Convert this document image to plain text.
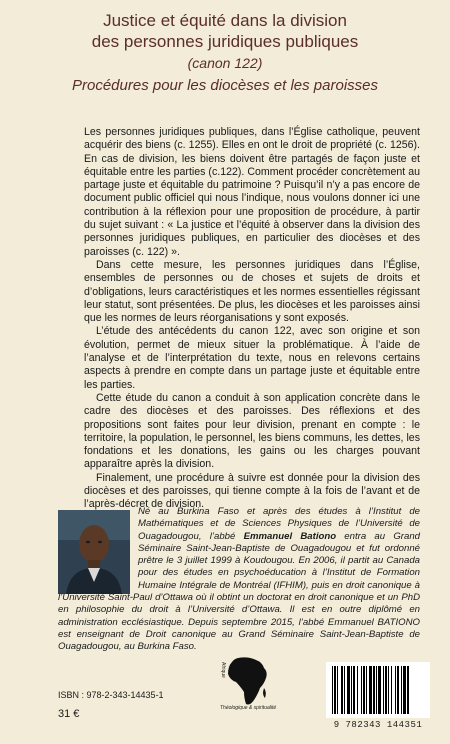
Justice et équité dans la division
des personnes juridiques publiques
(canon 122)
Procédures pour les diocèses et les paroisses

Les personnes juridiques publiques, dans l’Église catholique, peuvent acquérir des biens (c. 1255). Elles en ont le droit de propriété (c. 1256). En cas de division, les biens doivent être partagés de façon juste et équitable entre les parties (c.122). Comment procéder concrètement au partage juste et équitable du patrimoine ? Puisqu’il n’y a pas encore de document public officiel qui nous l’indique, nous voulons donner ici une contribution à la réflexion pour une proposition de procédure, à partir du sujet suivant : « La justice et l’équité à observer dans la division des personnes juridiques publiques, en particulier des diocèses et des paroisses (c. 122) ».

Dans cette mesure, les personnes juridiques dans l’Église, ensembles de personnes ou de choses et sujets de droits et d’obligations, leurs caractéristiques et les normes essentielles régissant leur statut, sont présentées. De plus, les diocèses et les paroisses ainsi que les normes de leurs réorganisations y sont exposés.

L’étude des antécédents du canon 122, avec son origine et son évolution, permet de mieux situer la problématique. À l’aide de l’analyse et de l’interprétation du texte, nous en relevons certains aspects à prendre en compte dans un partage juste et équitable entre les parties.

Cette étude du canon a conduit à son application concrète dans le cadre des diocèses et des paroisses. Des réflexions et des propositions sont faites pour leur division, prenant en compte : le territoire, la population, le personnel, les biens communs, les dettes, les fondations et les donations, les gains ou les charges pouvant apparaître après la division.

Finalement, une procédure à suivre est donnée pour la division des diocèses et des paroisses, qui tienne compte à la fois de l’avant et de l’après-décret de division.

Né au Burkina Faso et après des études à l’Institut de Mathématiques et de Sciences Physiques de l’Université de Ouagadougou, l’abbé Emmanuel Bationo entra au Grand Séminaire Saint-Jean-Baptiste de Ouagadougou et fut ordonné prêtre le 3 juillet 1999 à Koudougou. En 2006, il partit au Canada pour des études en psychoéducation à l’Institut de Formation Humaine Intégrale de Montréal (IFHIM), puis en droit canonique à l’Université Saint-Paul d’Ottawa où il obtint un doctorat en droit canonique et un PhD en philosophie du droit à l’Université d’Ottawa. Il est en outre diplômé en administration ecclésiastique. Depuis septembre 2015, l’abbé Emmanuel BATIONO est enseignant de Droit canonique au Grand Séminaire Saint-Jean-Baptiste de Ouagadougou, au Burkina Faso.
Afrique
Théologique & spiritualité
ISBN : 978-2-343-14435-1
31 €
9 782343 144351
